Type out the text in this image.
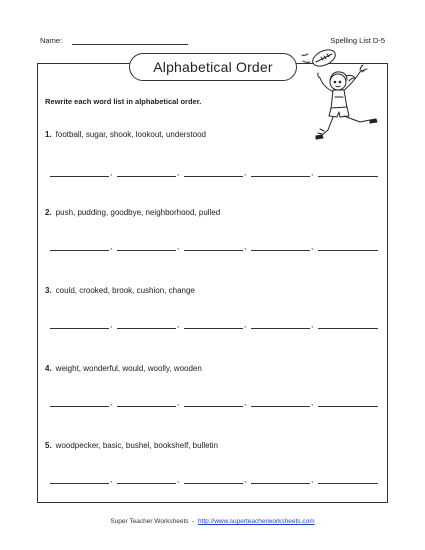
Name:	Spelling List D-5
Alphabetical Order
Rewrite each word list in alphabetical order.
1. football, sugar, shook, lookout, understood
,	,	,	,
2. push, pudding, goodbye, neighborhood, pulled
,	,	,	,
3. could, crooked, brook, cushion, change
,	,	,	,
4. weight, wonderful, would, woolly, wooden
,	,	,	,
5. woodpecker, basic, bushel, bookshelf, bulletin
,	,	,	,
Super Teacher Worksheets - http://www.superteacherworksheets.com
